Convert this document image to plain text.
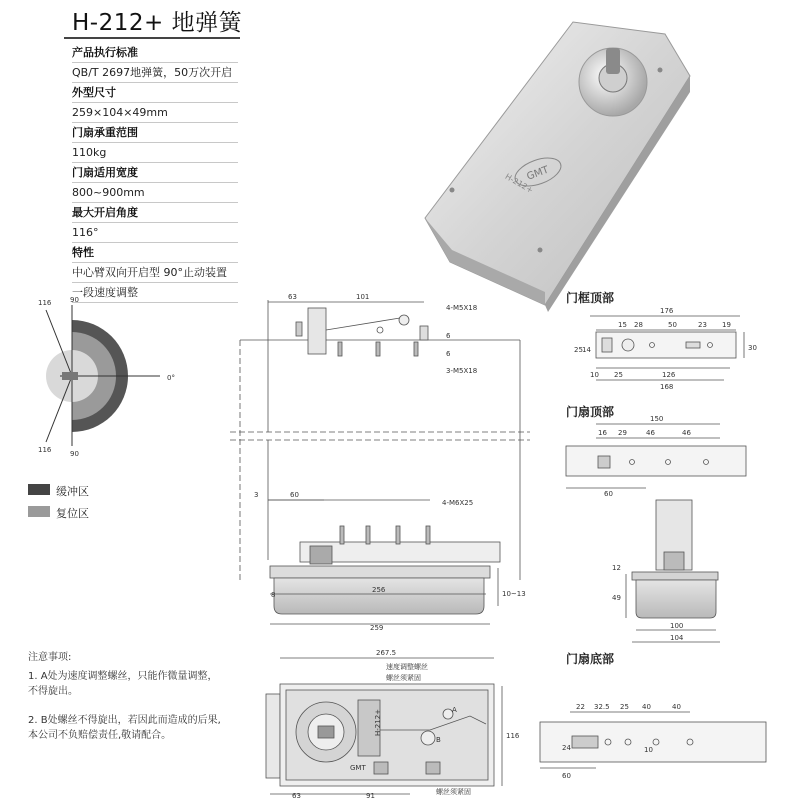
H-212+ 地弹簧
产品执行标准
QB/T 2697地弹簧，50万次开启
外型尺寸
259×104×49mm
门扇承重范围
110kg
门扇适用宽度
800~900mm
最大开启角度
116°
特性
中心臂双向开启型 90°止动装置
一段速度调整
缓冲区
复位区
门框顶部
门扇顶部
门扇底部
注意事项:
1. A处为速度调整螺丝，只能作微量调整，不得旋出。
2. B处螺丝不得旋出，若因此而造成的后果,本公司不负赔偿责任,敬请配合。
GMT
H-212+
116	90
0°
116	90
63	101
4-M5X18
6
6
3-M5X18
3	60
4-M6X25
8
256	10~13
259
176
15 28	50	23 19
25 14	30
10 25	126
168
150
16 29	46	46
60
12
49
100
104
22 32.5 25 40	40
24	10
60
267.5
116
63	91
速度调整螺丝
螺丝须紧固
螺丝须紧固
A
B
H-212+
GMT
